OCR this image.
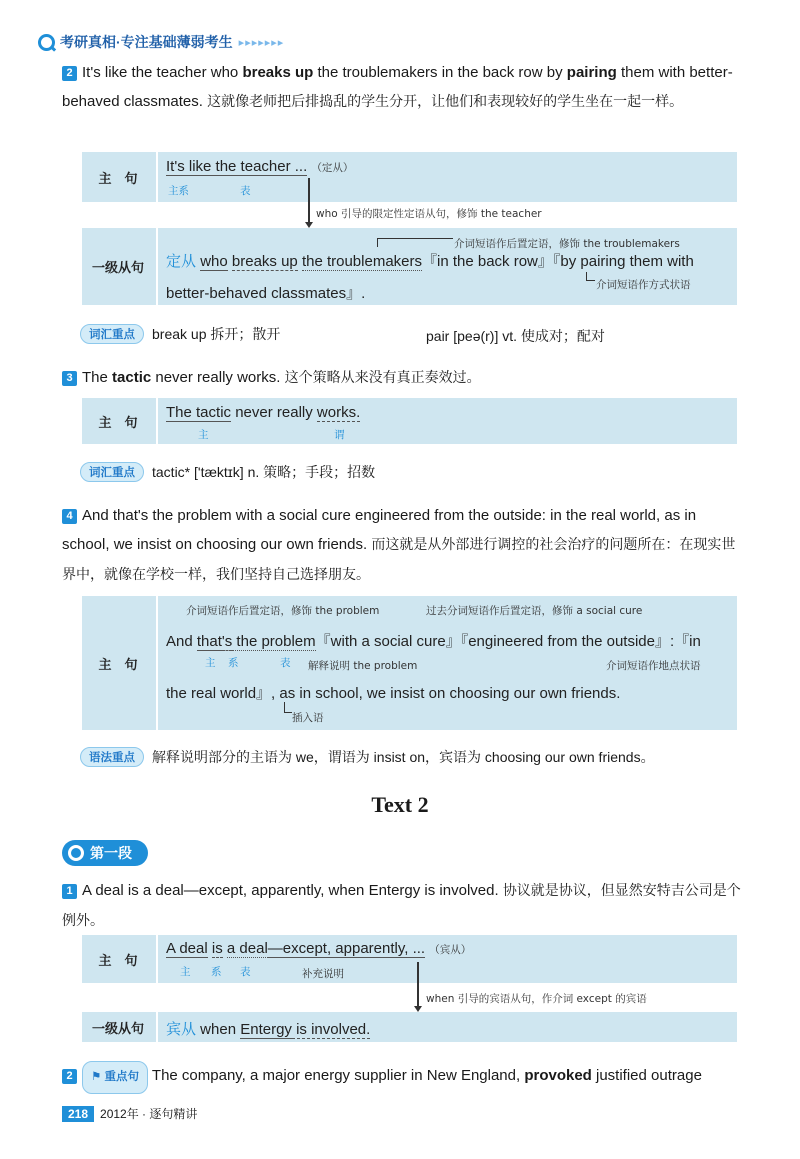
考研真相 · 专注基础薄弱考生 ▸▸▸▸▸▸▸
2 It's like the teacher who breaks up the troublemakers in the back row by pairing them with better-behaved classmates. 这就像老师把后排捣乱的学生分开，让他们和表现较好的学生坐在一起一样。
主　句
It's like the teacher ... （定从）
主系	表
who 引导的限定性定语从句，修饰 the teacher
一级从句
介词短语作后置定语，修饰 the troublemakers
定从 who breaks up the troublemakers『in the back row』『by pairing them with
介词短语作方式状语
better-behaved classmates』.
词汇重点	break up 拆开；散开	pair [peə(r)] vt. 使成对；配对
3 The tactic never really works. 这个策略从来没有真正奏效过。
主　句
The tactic never really works.
主	谓
词汇重点	tactic* ['tæktɪk] n. 策略；手段；招数
4 And that's the problem with a social cure engineered from the outside: in the real world, as in school, we insist on choosing our own friends. 而这就是从外部进行调控的社会治疗的问题所在：在现实世界中，就像在学校一样，我们坚持自己选择朋友。
主　句
介词短语作后置定语，修饰 the problem	过去分词短语作后置定语，修饰 a social cure
And that's the problem『with a social cure』『engineered from the outside』:『in
主 系	表 解释说明 the problem	介词短语作地点状语
the real world』, as in school, we insist on choosing our own friends.
插入语
语法重点	解释说明部分的主语为 we，谓语为 insist on，宾语为 choosing our own friends。
Text 2
第一段
1 A deal is a deal—except, apparently, when Entergy is involved. 协议就是协议，但显然安特吉公司是个例外。
主　句
A deal is a deal—except, apparently, ... （宾从）
主 系 表	补充说明
when 引导的宾语从句，作介词 except 的宾语
一级从句	宾从 when Entergy is involved.
2 ⚑ 重点句 The company, a major energy supplier in New England, provoked justified outrage
218	2012年 · 逐句精讲
